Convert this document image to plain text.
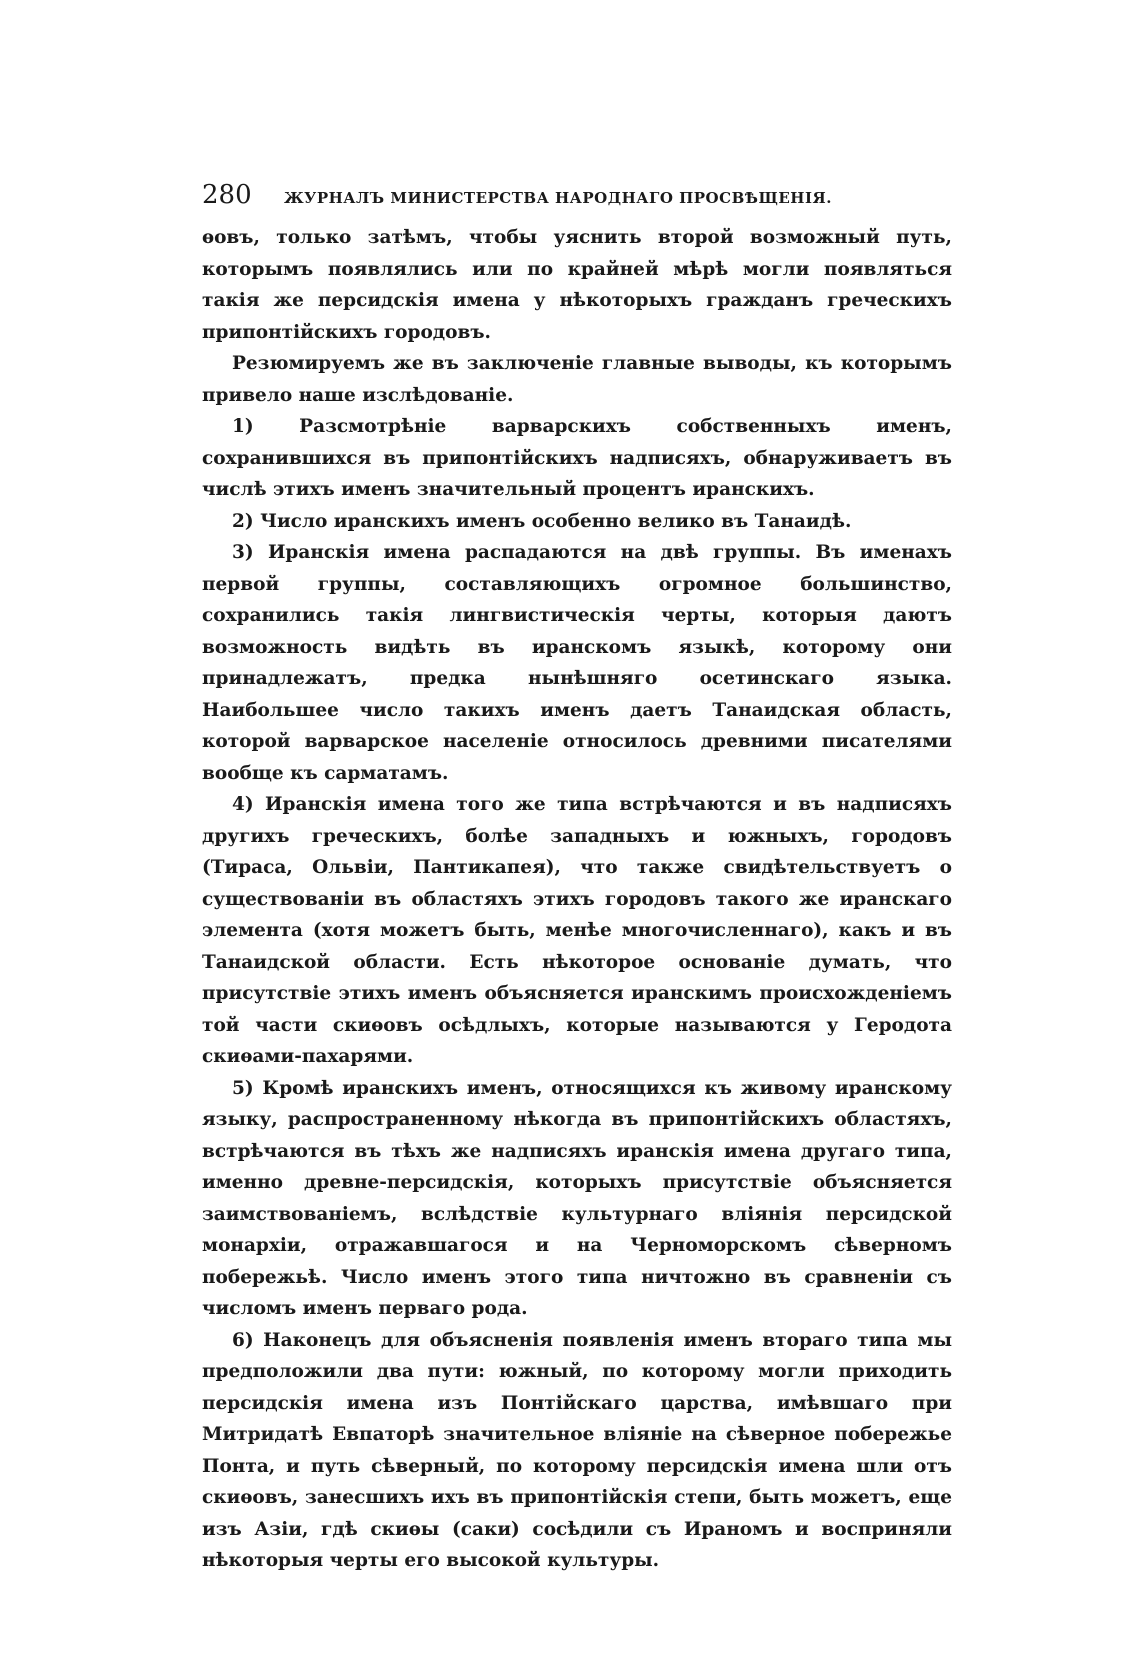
280	ЖУРНАЛЪ МИНИСТЕРСТВА НАРОДНАГО ПРОСВѢЩЕНІЯ.

ѳовъ, только затѣмъ, чтобы уяснить второй возможный путь, которымъ появлялись или по крайней мѣрѣ могли появляться такія же персидскія имена у нѣкоторыхъ гражданъ греческихъ припонтійскихъ городовъ.

Резюмируемъ же въ заключеніе главные выводы, къ которымъ привело наше изслѣдованіе.

1) Разсмотрѣніе варварскихъ собственныхъ именъ, сохранившихся въ припонтійскихъ надписяхъ, обнаруживаетъ въ числѣ этихъ именъ значительный процентъ иранскихъ.

2) Число иранскихъ именъ особенно велико въ Танаидѣ.

3) Иранскія имена распадаются на двѣ группы. Въ именахъ первой группы, составляющихъ огромное большинство, сохранились такія лингвистическія черты, которыя даютъ возможность видѣть въ иранскомъ языкѣ, которому они принадлежатъ, предка нынѣшняго осетинскаго языка. Наибольшее число такихъ именъ даетъ Танаидская область, которой варварское населеніе относилось древними писателями вообще къ сарматамъ.

4) Иранскія имена того же типа встрѣчаются и въ надписяхъ другихъ греческихъ, болѣе западныхъ и южныхъ, городовъ (Тираса, Ольвіи, Пантикапея), что также свидѣтельствуетъ о существованіи въ областяхъ этихъ городовъ такого же иранскаго элемента (хотя можетъ быть, менѣе многочисленнаго), какъ и въ Танаидской области. Есть нѣкоторое основаніе думать, что присутствіе этихъ именъ объясняется иранскимъ происхожденіемъ той части скиѳовъ осѣдлыхъ, которые называются у Геродота скиѳами-пахарями.

5) Кромѣ иранскихъ именъ, относящихся къ живому иранскому языку, распространенному нѣкогда въ припонтійскихъ областяхъ, встрѣчаются въ тѣхъ же надписяхъ иранскія имена другаго типа, именно древне-персидскія, которыхъ присутствіе объясняется заимствованіемъ, вслѣдствіе культурнаго вліянія персидской монархіи, отражавшагося и на Черноморскомъ сѣверномъ побережьѣ. Число именъ этого типа ничтожно въ сравненіи съ числомъ именъ перваго рода.

6) Наконецъ для объясненія появленія именъ втораго типа мы предположили два пути: южный, по которому могли приходить персидскія имена изъ Понтійскаго царства, имѣвшаго при Митридатѣ Евпаторѣ значительное вліяніе на сѣверное побережье Понта, и путь сѣверный, по которому персидскія имена шли отъ скиѳовъ, занесшихъ ихъ въ припонтійскія степи, быть можетъ, еще изъ Азіи, гдѣ скиѳы (саки) сосѣдили съ Ираномъ и восприняли нѣкоторыя черты его высокой культуры.
